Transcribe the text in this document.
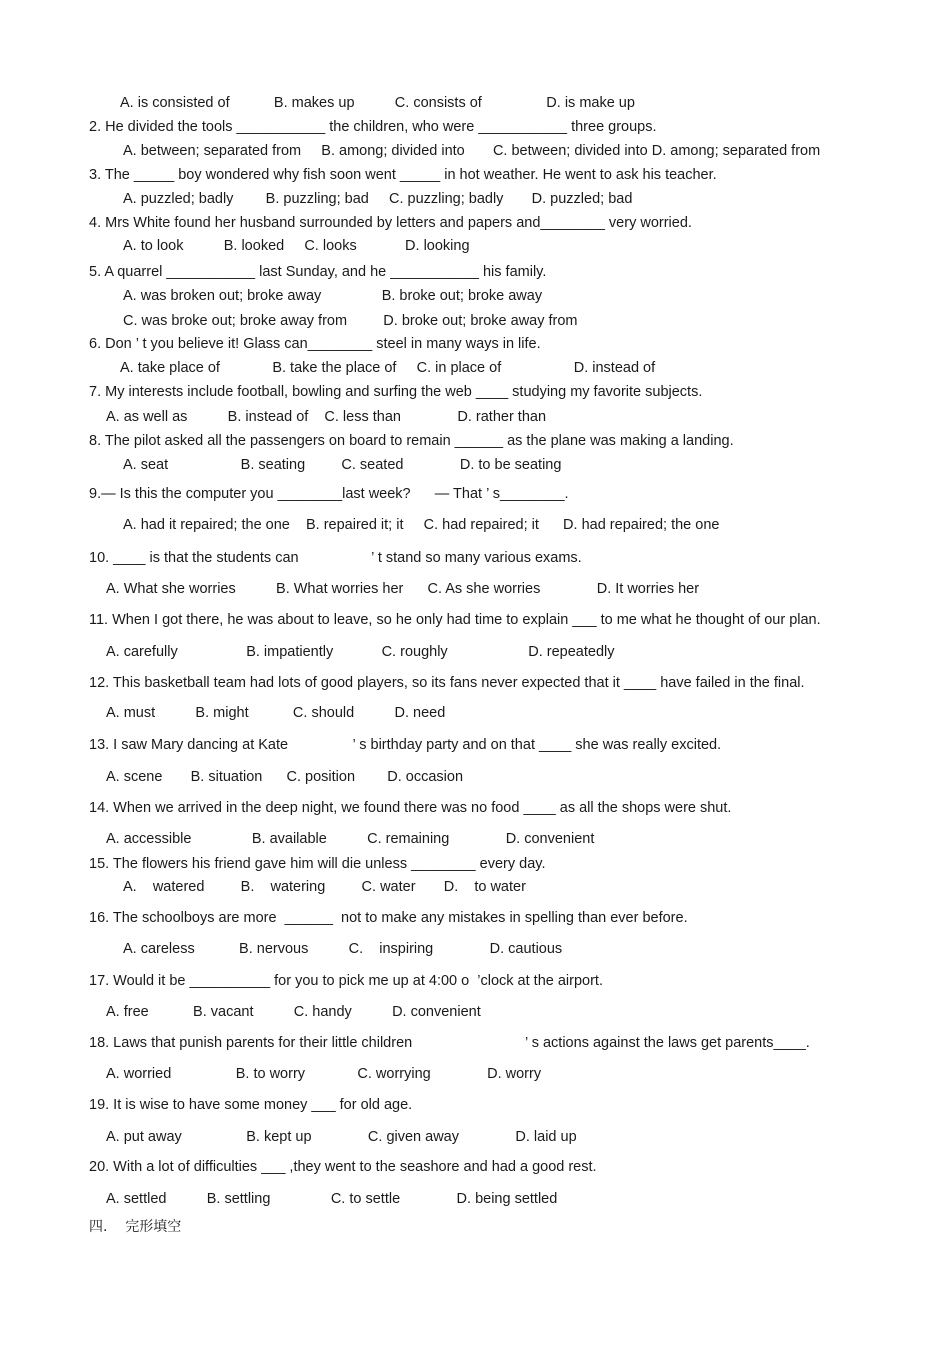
A. is consisted of           B. makes up          C. consists of                D. is make up
2. He divided the tools ___________ the children, who were ___________ three groups.
A. between; separated from     B. among; divided into       C. between; divided into D. among; separated from
3. The _____ boy wondered why fish soon went _____ in hot weather. He went to ask his teacher.
A. puzzled; badly        B. puzzling; bad     C. puzzling; badly       D. puzzled; bad
4. Mrs White found her husband surrounded by letters and papers and________ very worried.
A. to look          B. looked     C. looks            D. looking
5. A quarrel ___________ last Sunday, and he ___________ his family.
A. was broken out; broke away               B. broke out; broke away
C. was broke out; broke away from         D. broke out; broke away from
6. Don ’ t you believe it! Glass can________ steel in many ways in life.
A. take place of             B. take the place of     C. in place of                  D. instead of
7. My interests include football, bowling and surfing the web ____ studying my favorite subjects.
A. as well as          B. instead of    C. less than              D. rather than
8. The pilot asked all the passengers on board to remain ______ as the plane was making a landing.
A. seat                  B. seating         C. seated              D. to be seating
9.— Is this the computer you ________last week?      — That ’ s________.
A. had it repaired; the one    B. repaired it; it     C. had repaired; it      D. had repaired; the one
10. ____ is that the students can                  ’ t stand so many various exams.
A. What she worries          B. What worries her      C. As she worries              D. It worries her
11. When I got there, he was about to leave, so he only had time to explain ___ to me what he thought of our plan.
A. carefully                 B. impatiently            C. roughly                    D. repeatedly
12. This basketball team had lots of good players, so its fans never expected that it ____ have failed in the final.
A. must          B. might           C. should          D. need
13. I saw Mary dancing at Kate                ’ s birthday party and on that ____ she was really excited.
A. scene       B. situation      C. position        D. occasion
14. When we arrived in the deep night, we found there was no food ____ as all the shops were shut.
A. accessible               B. available          C. remaining              D. convenient
15. The flowers his friend gave him will die unless ________ every day.
A.    watered         B.    watering         C. water       D.    to water
16. The schoolboys are more  ______  not to make any mistakes in spelling than ever before.
A. careless           B. nervous          C.    inspiring              D. cautious
17. Would it be __________ for you to pick me up at 4:00 o  ’clock at the airport.
A. free           B. vacant          C. handy          D. convenient
18. Laws that punish parents for their little children                            ’ s actions against the laws get parents____.
A. worried                B. to worry             C. worrying              D. worry
19. It is wise to have some money ___ for old age.
A. put away                B. kept up              C. given away              D. laid up
20. With a lot of difficulties ___ ,they went to the seashore and had a good rest.
A. settled          B. settling               C. to settle              D. being settled
四.    完形填空
